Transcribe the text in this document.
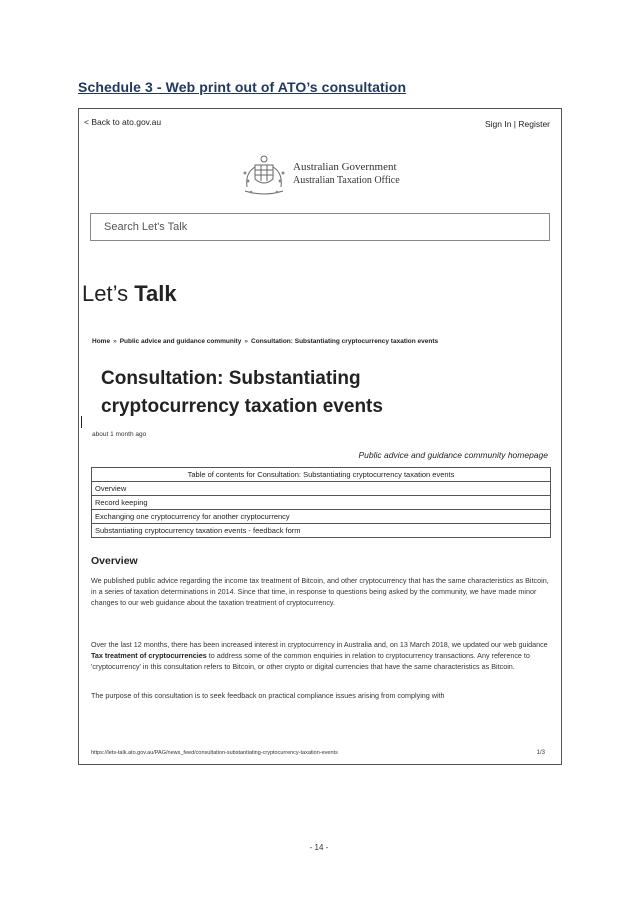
Schedule 3 - Web print out of ATO’s consultation
< Back to ato.gov.au	Sign In | Register
Australian Government
Australian Taxation Office
Search Let's Talk
Let’s Talk
Home » Public advice and guidance community » Consultation: Substantiating cryptocurrency taxation events
Consultation: Substantiating cryptocurrency taxation events
about 1 month ago
Public advice and guidance community homepage
Table of contents for Consultation: Substantiating cryptocurrency taxation events
Overview
Record keeping
Exchanging one cryptocurrency for another cryptocurrency
Substantiating cryptocurrency taxation events - feedback form
Overview

We published public advice regarding the income tax treatment of Bitcoin, and other cryptocurrency that has the same characteristics as Bitcoin, in a series of taxation determinations in 2014. Since that time, in response to questions being asked by the community, we have made minor changes to our web guidance about the taxation treatment of cryptocurrency.

Over the last 12 months, there has been increased interest in cryptocurrency in Australia and, on 13 March 2018, we updated our web guidance Tax treatment of cryptocurrencies to address some of the common enquiries in relation to cryptocurrency transactions. Any reference to 'cryptocurrency' in this consultation refers to Bitcoin, or other crypto or digital currencies that have the same characteristics as Bitcoin.

The purpose of this consultation is to seek feedback on practical compliance issues arising from complying with

https://lets-talk.ato.gov.au/PAG/news_feed/consultation-substantiating-cryptocurrency-taxation-events	1/3
- 14 -
